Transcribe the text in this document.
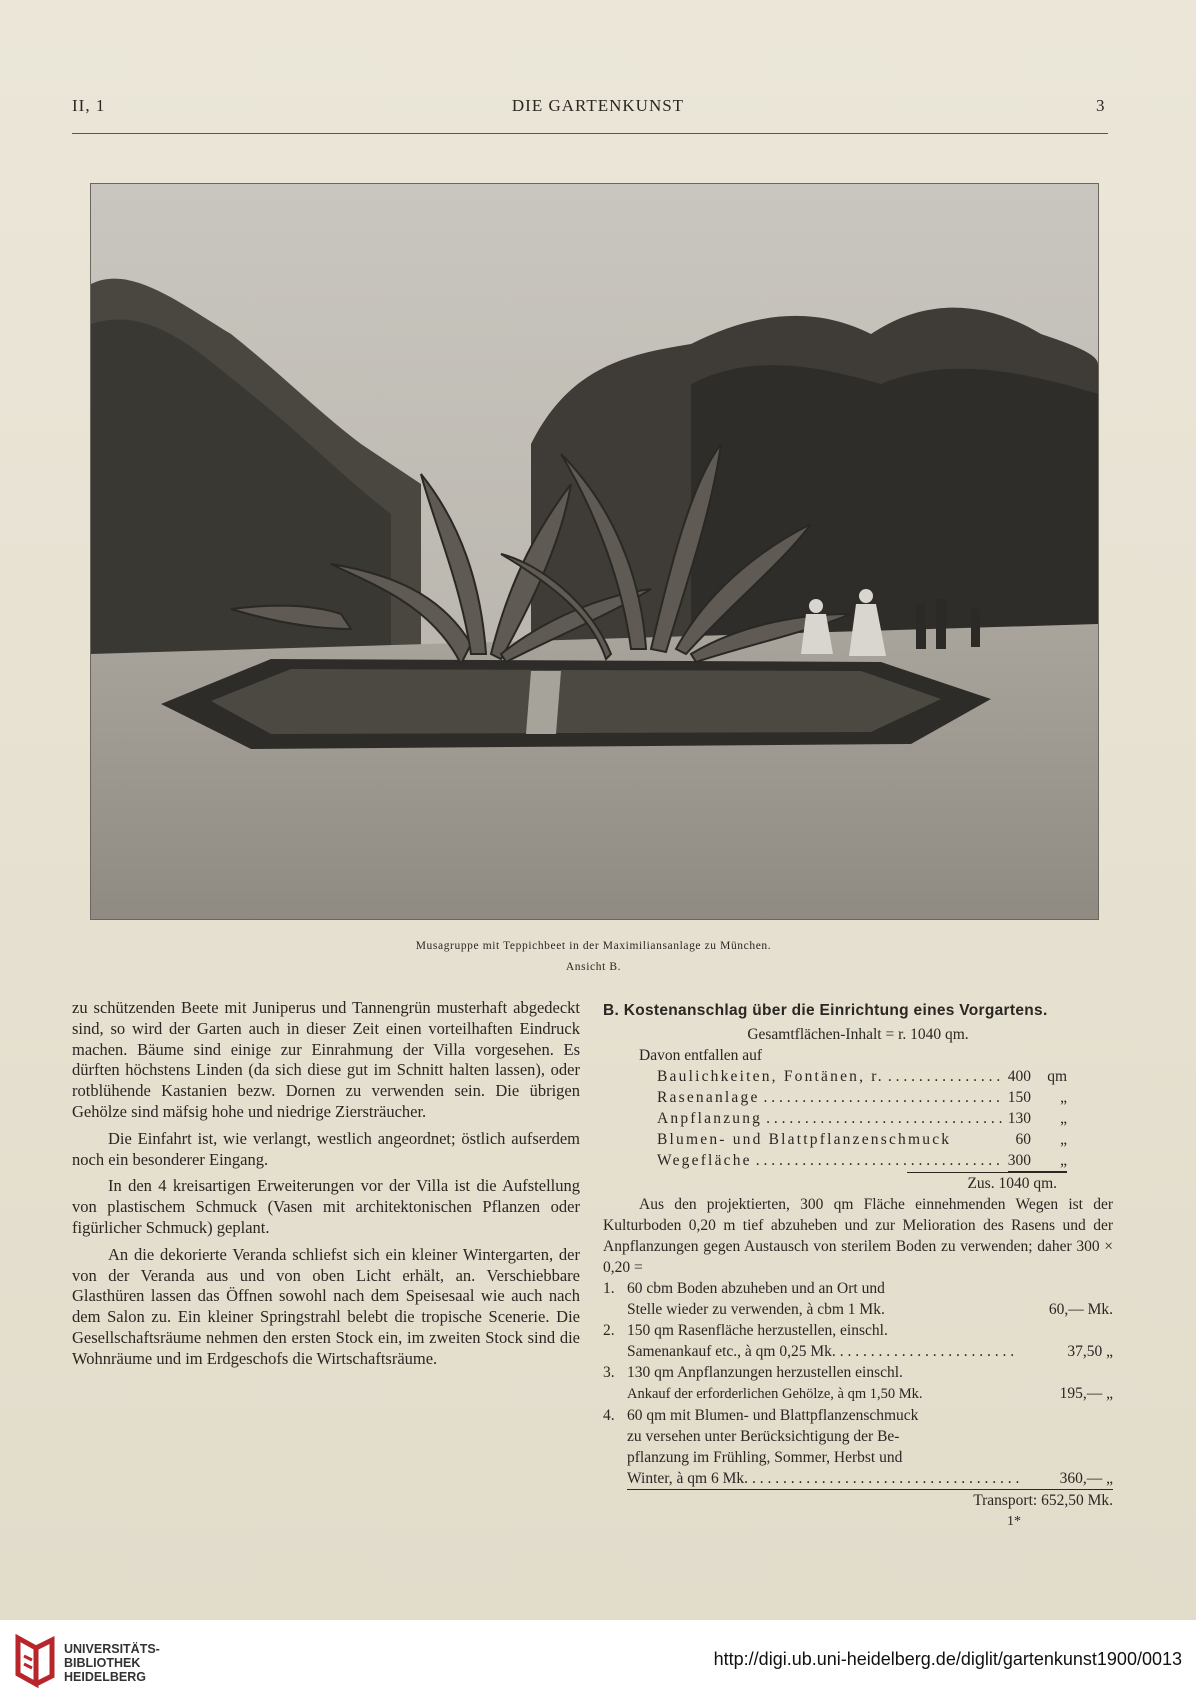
II, 1	DIE GARTENKUNST	3
Musagruppe mit Teppichbeet in der Maximiliansanlage zu München.
Ansicht B.

zu schützenden Beete mit Juniperus und Tannengrün musterhaft abgedeckt sind, so wird der Garten auch in dieser Zeit einen vorteilhaften Eindruck machen. Bäume sind einige zur Einrahmung der Villa vorgesehen. Es dürften höchstens Linden (da sich diese gut im Schnitt halten lassen), oder rotblühende Kastanien bezw. Dornen zu verwenden sein. Die übrigen Gehölze sind mäfsig hohe und niedrige Ziersträucher.

Die Einfahrt ist, wie verlangt, westlich angeordnet; östlich aufserdem noch ein besonderer Eingang.

In den 4 kreisartigen Erweiterungen vor der Villa ist die Aufstellung von plastischem Schmuck (Vasen mit architektonischen Pflanzen oder figürlicher Schmuck) geplant.

An die dekorierte Veranda schliefst sich ein kleiner Wintergarten, der von der Veranda aus und von oben Licht erhält, an. Verschiebbare Glasthüren lassen das Öffnen sowohl nach dem Speisesaal wie auch nach dem Salon zu. Ein kleiner Springstrahl belebt die tropische Scenerie. Die Gesellschaftsräume nehmen den ersten Stock ein, im zweiten Stock sind die Wohnräume und im Erdgeschofs die Wirtschaftsräume.

B. Kostenanschlag über die Einrichtung eines Vorgartens.
Gesamtflächen-Inhalt = r. 1040 qm.
Davon entfallen auf
Baulichkeiten, Fontänen, r. . . .	400	qm
Rasenanlage . . .	150	„
Anpflanzung . . .	130	„
Blumen- und Blattpflanzenschmuck	60	„
Wegefläche . . .	300	„
Zus. 1040 qm.
Aus den projektierten, 300 qm Fläche einnehmenden Wegen ist der Kulturboden 0,20 m tief abzuheben und zur Melioration des Rasens und der Anpflanzungen gegen Austausch von sterilem Boden zu verwenden; daher 300 × 0,20 =
1. 60 cbm Boden abzuheben und an Ort und
Stelle wieder zu verwenden, à cbm 1 Mk.	60,— Mk.
2. 150 qm Rasenfläche herzustellen, einschl.
Samenankauf etc., à qm 0,25 Mk. . . .	37,50 „
3. 130 qm Anpflanzungen herzustellen einschl.
Ankauf der erforderlichen Gehölze, à qm 1,50 Mk.	195,— „
4. 60 qm mit Blumen- und Blattpflanzenschmuck
zu versehen unter Berücksichtigung der Be-
pflanzung im Frühling, Sommer, Herbst und
Winter, à qm 6 Mk. . . .	360,— „
Transport: 652,50 Mk.
1*
UNIVERSITÄTS-
BIBLIOTHEK
HEIDELBERG
http://digi.ub.uni-heidelberg.de/diglit/gartenkunst1900/0013
